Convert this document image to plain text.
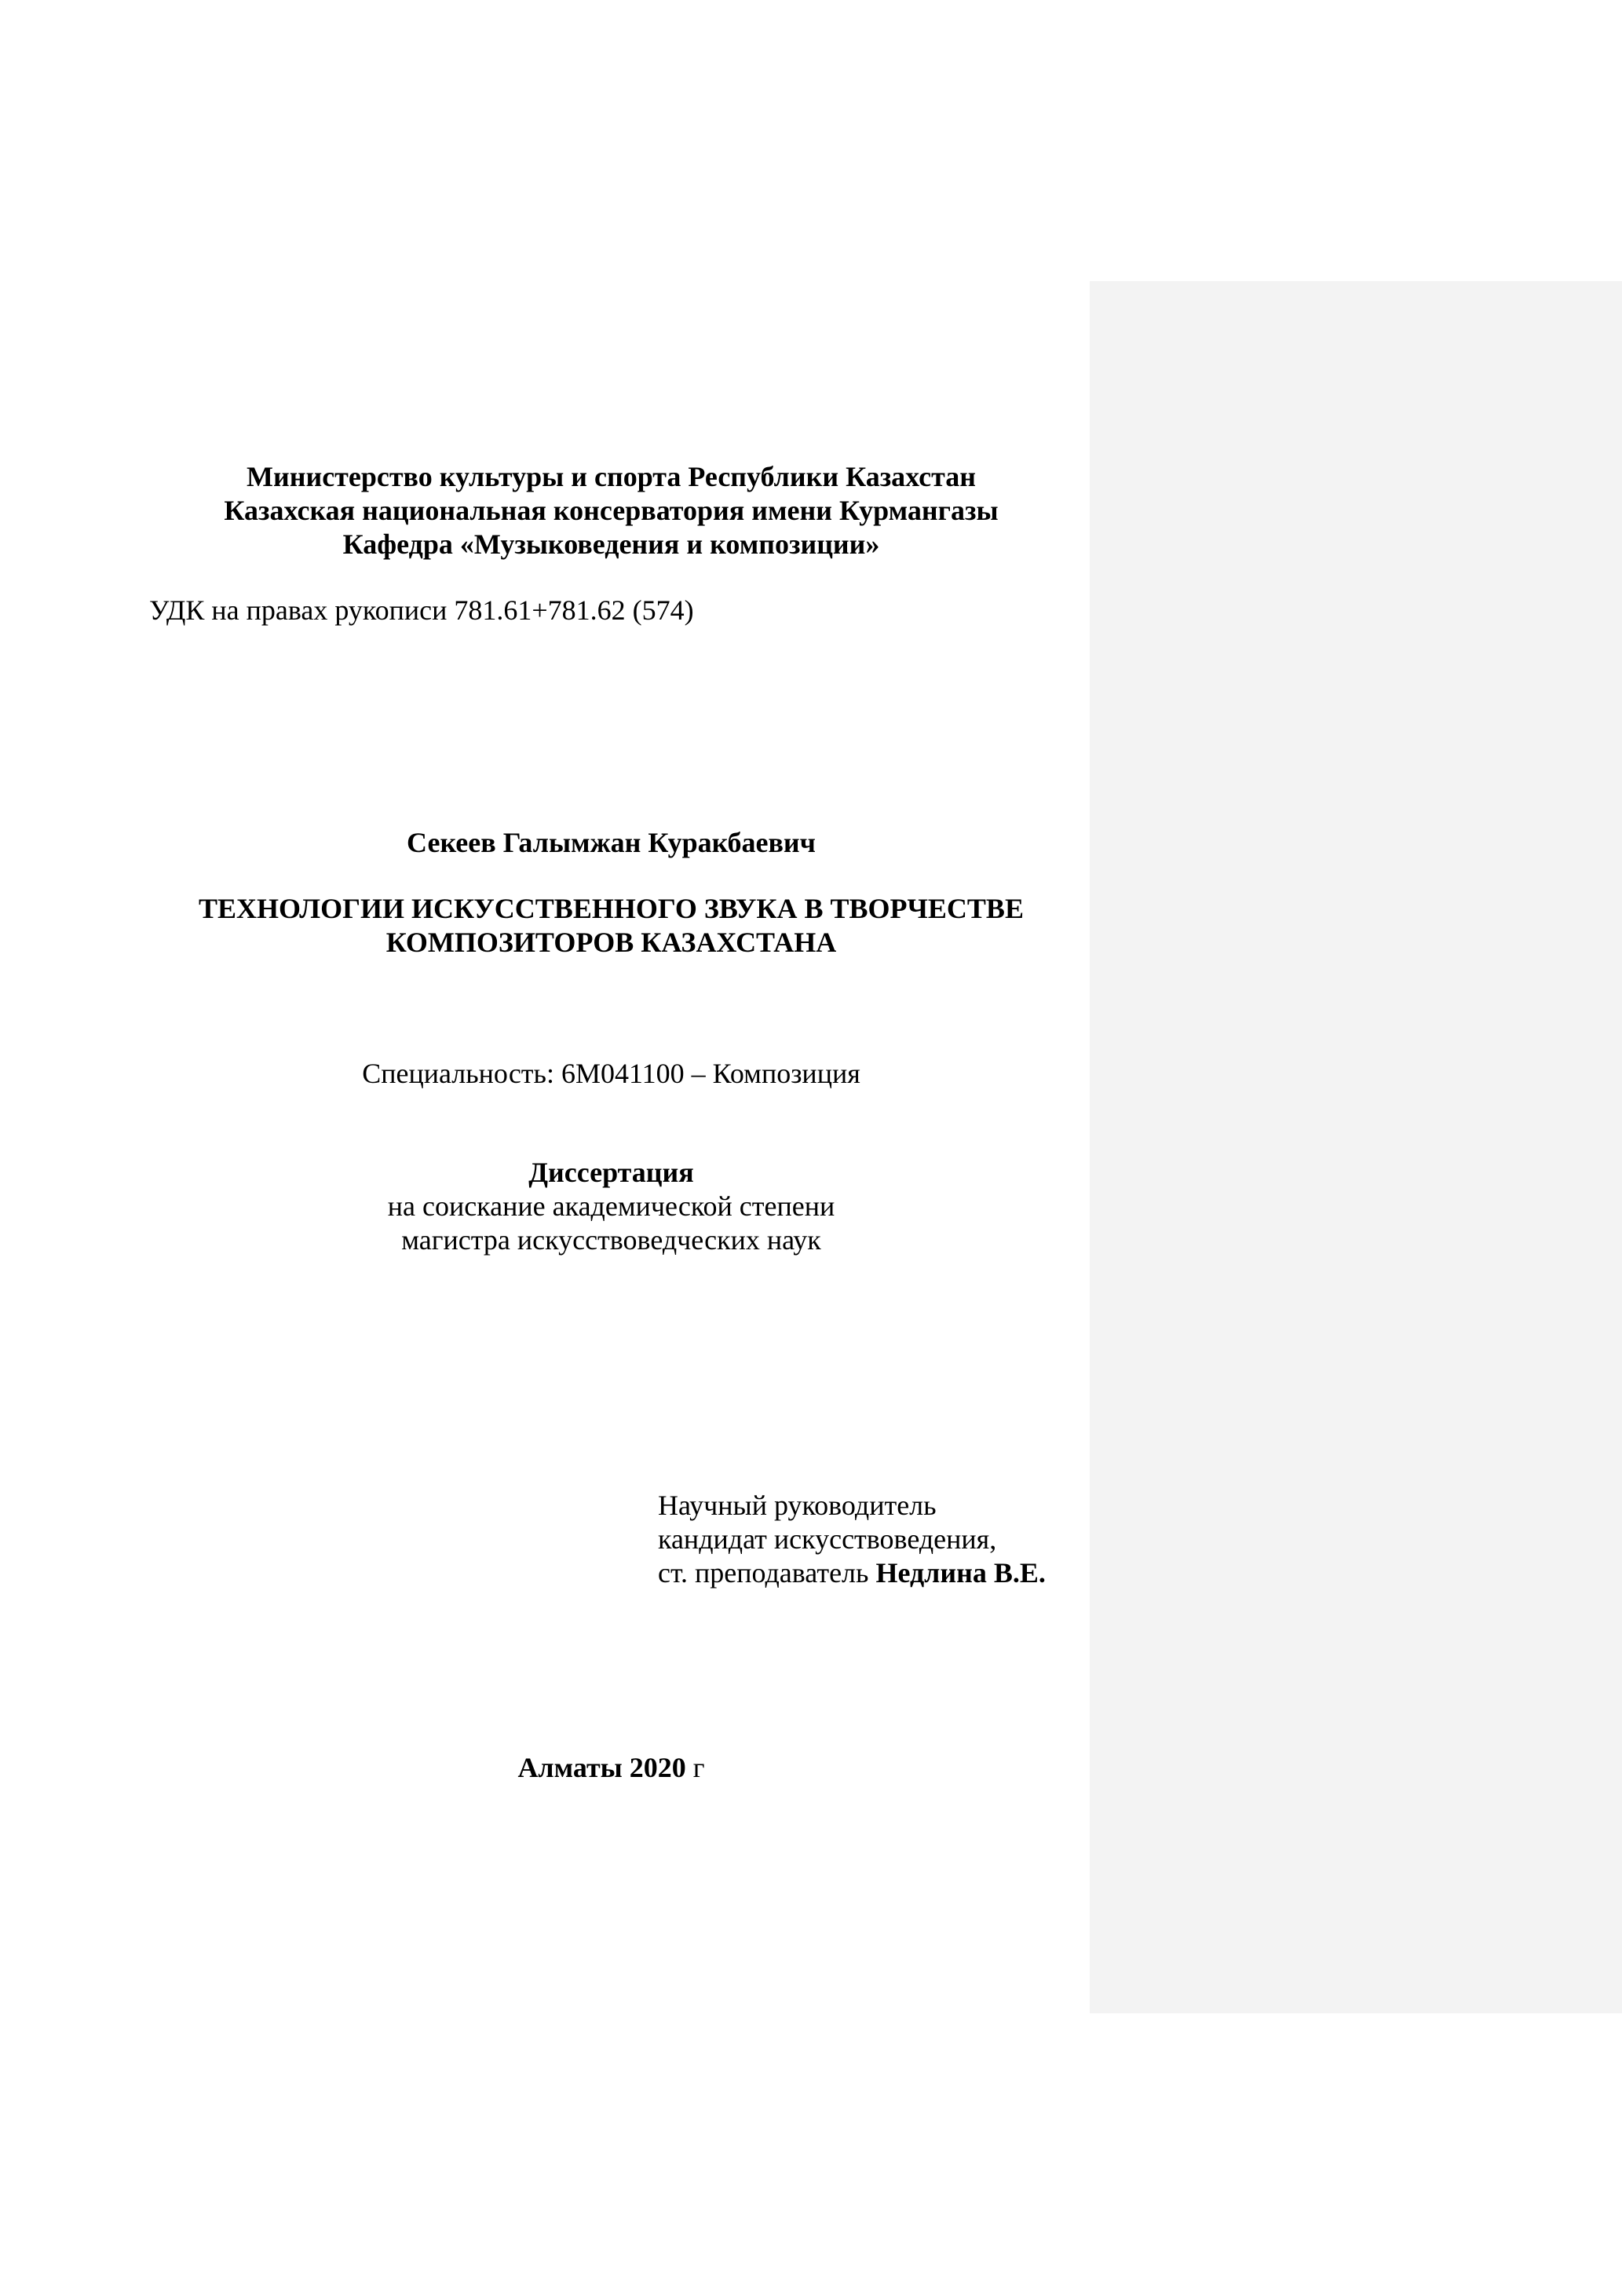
Министерство культуры и спорта Республики Казахстан
Казахская национальная консерватория имени Курмангазы
Кафедра «Музыковедения и композиции»
УДК на правах рукописи 781.61+781.62 (574)
Секеев Галымжан Куракбаевич
ТЕХНОЛОГИИ ИСКУССТВЕННОГО ЗВУКА В ТВОРЧЕСТВЕ
КОМПОЗИТОРОВ КАЗАХСТАНА
Специальность: 6М041100 – Композиция
Диссертация
на соискание академической степени
магистра искусствоведческих наук
Научный руководитель
кандидат искусствоведения,
ст. преподаватель Недлина В.Е.
Алматы 2020 г
